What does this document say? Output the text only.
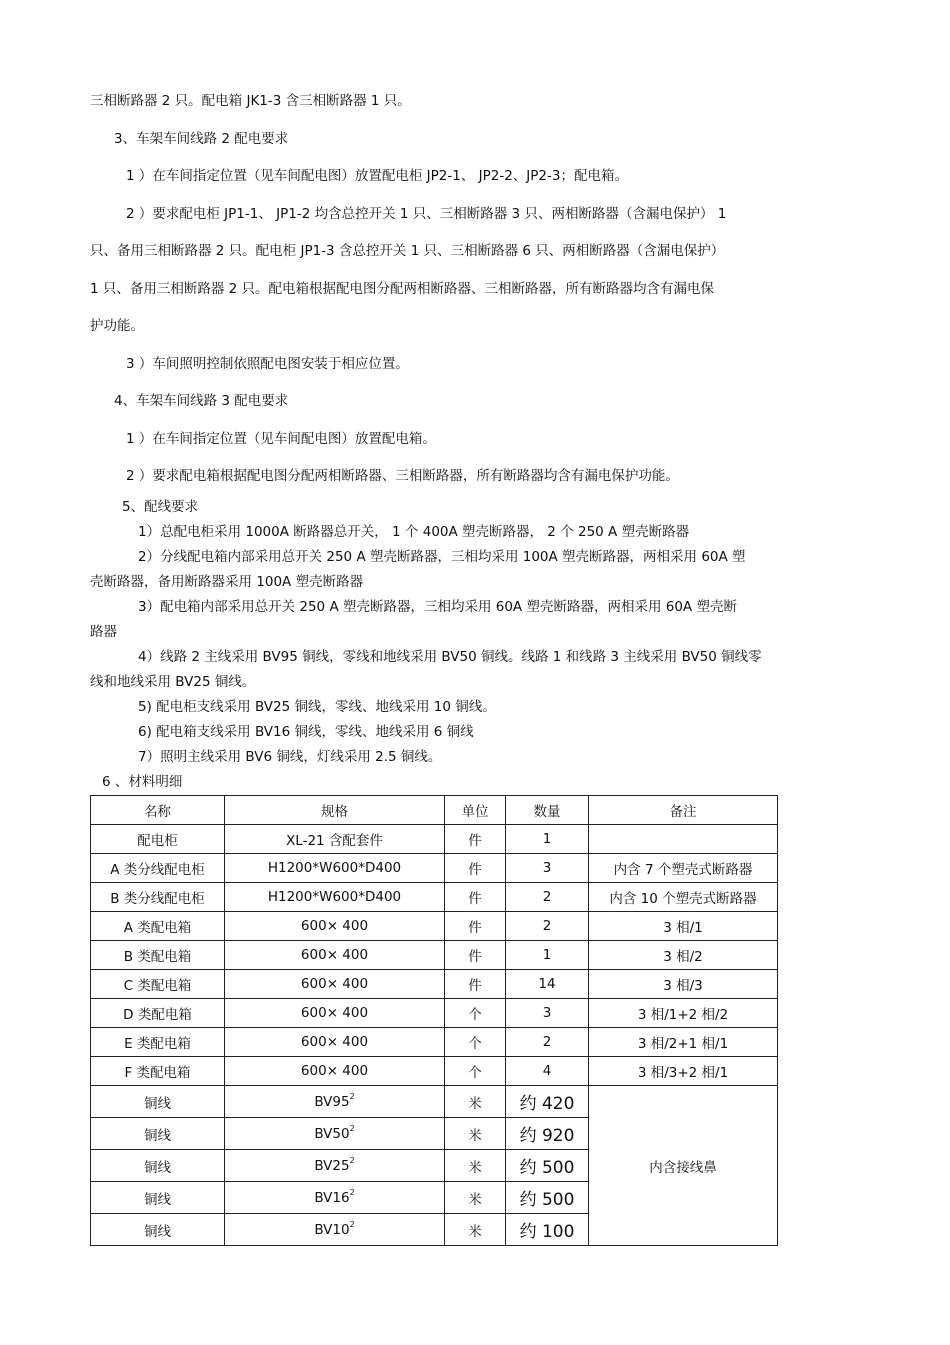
三相断路器 2 只。配电箱 JK1-3 含三相断路器 1 只。
3、车架车间线路 2 配电要求
1 ）在车间指定位置（见车间配电图）放置配电柜 JP2-1、 JP2-2、JP2-3；配电箱。
2 ）要求配电柜 JP1-1、 JP1-2 均含总控开关 1 只、三相断路器 3 只、两相断路器（含漏电保护） 1
只、备用三相断路器 2 只。配电柜 JP1-3 含总控开关 1 只、三相断路器 6 只、两相断路器（含漏电保护）
1 只、备用三相断路器 2 只。配电箱根据配电图分配两相断路器、三相断路器，所有断路器均含有漏电保
护功能。
3 ）车间照明控制依照配电图安装于相应位置。
4、车架车间线路 3 配电要求
1 ）在车间指定位置（见车间配电图）放置配电箱。
2 ）要求配电箱根据配电图分配两相断路器、三相断路器，所有断路器均含有漏电保护功能。
5、配线要求
1）总配电柜采用 1000A 断路器总开关， 1 个 400A 塑壳断路器， 2 个 250 A 塑壳断路器
2）分线配电箱内部采用总开关 250 A 塑壳断路器，三相均采用 100A 塑壳断路器，两相采用 60A 塑
壳断路器，备用断路器采用 100A 塑壳断路器
3）配电箱内部采用总开关 250 A 塑壳断路器，三相均采用 60A 塑壳断路器，两相采用 60A 塑壳断
路器
4）线路 2 主线采用 BV95 铜线，零线和地线采用 BV50 铜线。线路 1 和线路 3 主线采用 BV50 铜线零
线和地线采用 BV25 铜线。
5) 配电柜支线采用 BV25 铜线，零线、地线采用 10 铜线。
6) 配电箱支线采用 BV16 铜线，零线、地线采用 6 铜线
7）照明主线采用 BV6 铜线，灯线采用 2.5 铜线。
6 、材料明细
名称	规格	单位	数量	备注
配电柜	XL-21 含配套件	件	1	
A 类分线配电柜	H1200*W600*D400	件	3	内含 7 个塑壳式断路器
B 类分线配电柜	H1200*W600*D400	件	2	内含 10 个塑壳式断路器
A 类配电箱	600× 400	件	2	3 相/1
B 类配电箱	600× 400	件	1	3 相/2
C 类配电箱	600× 400	件	14	3 相/3
D 类配电箱	600× 400	个	3	3 相/1+2 相/2
E 类配电箱	600× 400	个	2	3 相/2+1 相/1
F 类配电箱	600× 400	个	4	3 相/3+2 相/1
铜线	$BV95^2$	米	约 420	内含接线鼻
铜线	$BV50^2$	米	约 920	
铜线	$BV25^2$	米	约 500	
铜线	$BV16^2$	米	约 500	
铜线	$BV10^2$	米	约 100	
